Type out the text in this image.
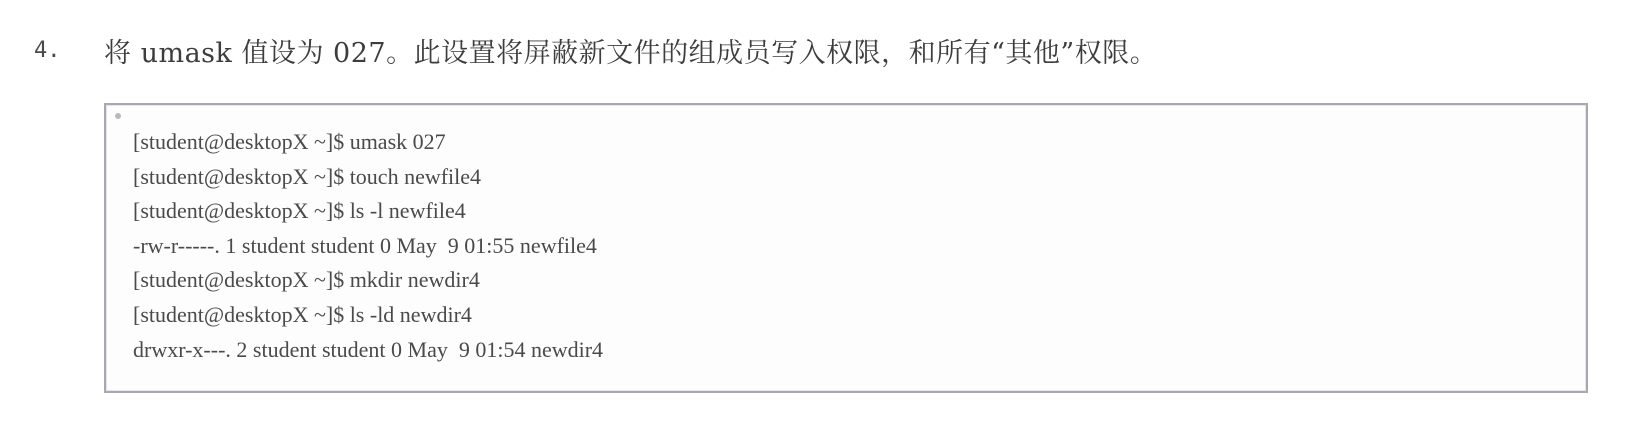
4.	将 umask 值设为 027。此设置将屏蔽新文件的组成员写入权限，和所有“其他”权限。
[student@desktopX ~]$ umask 027
[student@desktopX ~]$ touch newfile4
[student@desktopX ~]$ ls -l newfile4
-rw-r-----. 1 student student 0 May  9 01:55 newfile4
[student@desktopX ~]$ mkdir newdir4
[student@desktopX ~]$ ls -ld newdir4
drwxr-x---. 2 student student 0 May  9 01:54 newdir4
